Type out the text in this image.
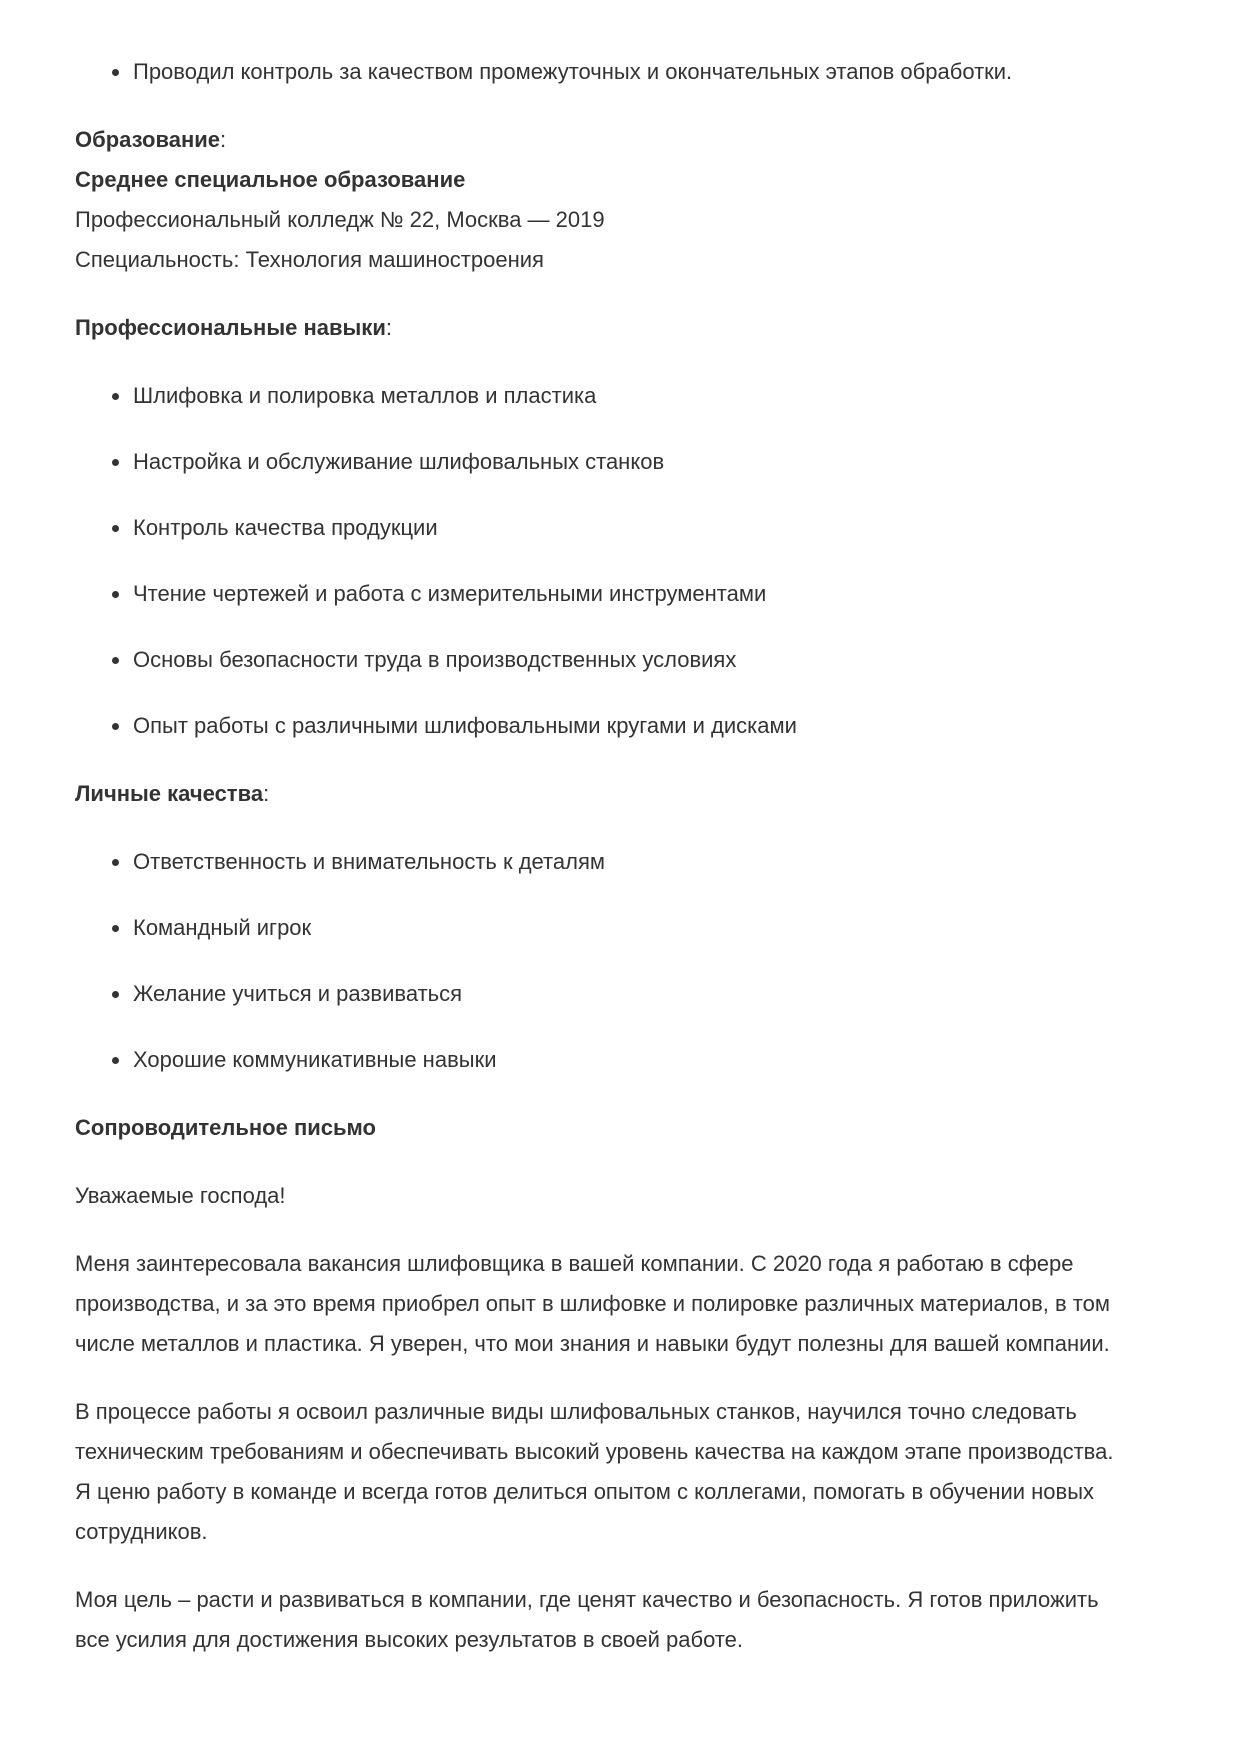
• Проводил контроль за качеством промежуточных и окончательных этапов обработки.

Образование:
Среднее специальное образование
Профессиональный колледж № 22, Москва — 2019
Специальность: Технология машиностроения

Профессиональные навыки:

• Шлифовка и полировка металлов и пластика
• Настройка и обслуживание шлифовальных станков
• Контроль качества продукции
• Чтение чертежей и работа с измерительными инструментами
• Основы безопасности труда в производственных условиях
• Опыт работы с различными шлифовальными кругами и дисками

Личные качества:

• Ответственность и внимательность к деталям
• Командный игрок
• Желание учиться и развиваться
• Хорошие коммуникативные навыки

Сопроводительное письмо

Уважаемые господа!

Меня заинтересовала вакансия шлифовщика в вашей компании. С 2020 года я работаю в сфере производства, и за это время приобрел опыт в шлифовке и полировке различных материалов, в том числе металлов и пластика. Я уверен, что мои знания и навыки будут полезны для вашей компании.

В процессе работы я освоил различные виды шлифовальных станков, научился точно следовать техническим требованиям и обеспечивать высокий уровень качества на каждом этапе производства. Я ценю работу в команде и всегда готов делиться опытом с коллегами, помогать в обучении новых сотрудников.

Моя цель – расти и развиваться в компании, где ценят качество и безопасность. Я готов приложить все усилия для достижения высоких результатов в своей работе.
